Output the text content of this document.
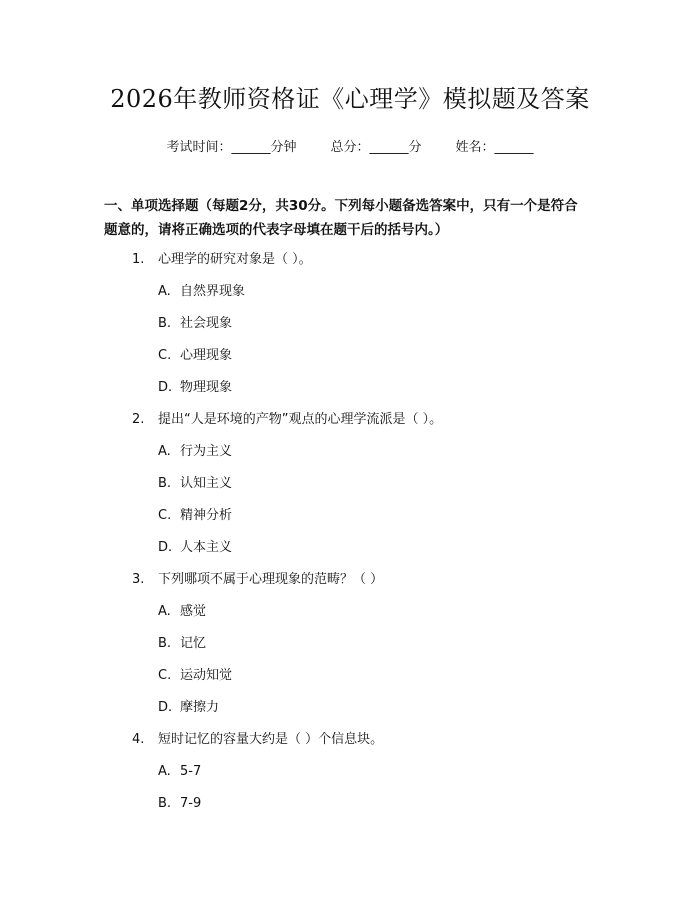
2026年教师资格证《心理学》模拟题及答案
考试时间：______分钟	总分：______分	姓名：______
一、单项选择题（每题2分，共30分。下列每小题备选答案中，只有一个是符合
题意的，请将正确选项的代表字母填在题干后的括号内。）
1.	心理学的研究对象是（ ）。
A. 自然界现象
B. 社会现象
C. 心理现象
D. 物理现象
2.	提出“人是环境的产物”观点的心理学流派是（ ）。
A. 行为主义
B. 认知主义
C. 精神分析
D. 人本主义
3.	下列哪项不属于心理现象的范畴？（ ）
A. 感觉
B. 记忆
C. 运动知觉
D. 摩擦力
4.	短时记忆的容量大约是（ ）个信息块。
A. 5-7
B. 7-9
